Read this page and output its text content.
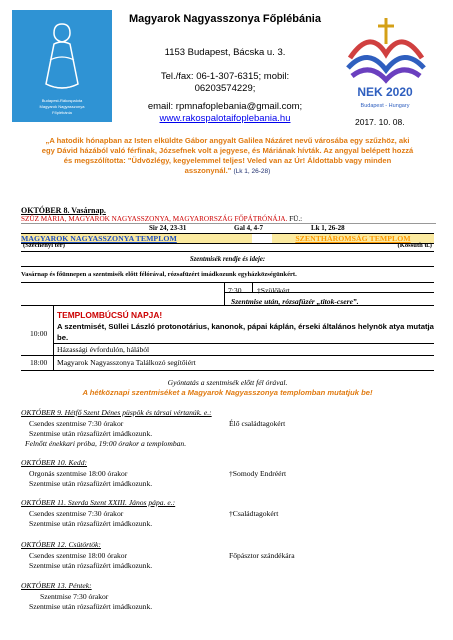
Budapest-Rákospalota
Magyarok Nagyasszonya
Főplébánia
Magyarok Nagyasszonya Főplébánia
1153 Budapest, Bácska u. 3.
Tel./fax: 06-1-307-6315; mobil:
06203574229;
email: rpmnafoplebania@gmail.com;
www.rakospalotaifoplebania.hu
NEK 2020
Budapest - Hungary
2017. 10. 08.
„A hatodik hónapban az Isten elküldte Gábor angyalt Galilea Názáret nevű városába egy szűzhöz, aki egy Dávid házából való férfinak, Józsefnek volt a jegyese, és Máriának hívták. Az angyal belépett hozzá és megszólította: "Üdvözlégy, kegyelemmel teljes! Veled van az Úr! Áldottabb vagy minden asszonynál." (Lk 1, 26-28)
OKTÓBER 8. Vasárnap.
SZŰZ MÁRIA, MAGYAROK NAGYASSZONYA, MAGYARORSZÁG FŐPÁTRÓNÁJA. FÜ.:
Sir 24, 23-31	Gal 4, 4-7	Lk 1, 26-28
MAGYAROK NAGYASSZONYA TEMPLOM	SZENTHÁROMSÁG TEMPLOM
(Széchenyi tér)	(Kossuth u.)
Szentmisék rendje és ideje:
Vasárnap és főünnepen a szentmisék előtt félórával, rózsafüzért imádkozunk egyházközségünkért.
7:30 †Szülőkért
Szentmise után, rózsafüzér „titok-csere”.
10:00
TEMPLOMBÚCSÚ NAPJA!
A szentmisét, Süllei László protonotárius, kanonok, pápai káplán, érseki általános helynök atya mutatja be.
Házassági évfordulón, hálából
18:00 Magyarok Nagyasszonya Találkozó segítőiért
Gyóntatás a szentmisék előtt fél órával.
A hétköznapi szentmiséket a Magyarok Nagyasszonya templomban mutatjuk be!
OKTÓBER 9. Hétfő Szent Dénes püspök és társai vértanúk. e.:
Csendes szentmise 7:30 órakor	Élő családtagokért
Szentmise után rózsafüzért imádkozunk.
Felnőtt énekkari próba, 19:00 órakor a templomban.
OKTÓBER 10. Kedd:
Orgonás szentmise 18:00 órakor	†Somody Endréért
Szentmise után rózsafüzért imádkozunk.
OKTÓBER 11. Szerda Szent XXIII. János pápa. e.:
Csendes szentmise 7:30 órakor	†Családtagokért
Szentmise után rózsafüzért imádkozunk.
OKTÓBER 12. Csütörtök:
Csendes szentmise 18:00 órakor	Főpásztor szándékára
Szentmise után rózsafüzért imádkozunk.
OKTÓBER 13. Péntek:
Szentmise 7:30 órakor
Szentmise után rózsafüzért imádkozunk.
